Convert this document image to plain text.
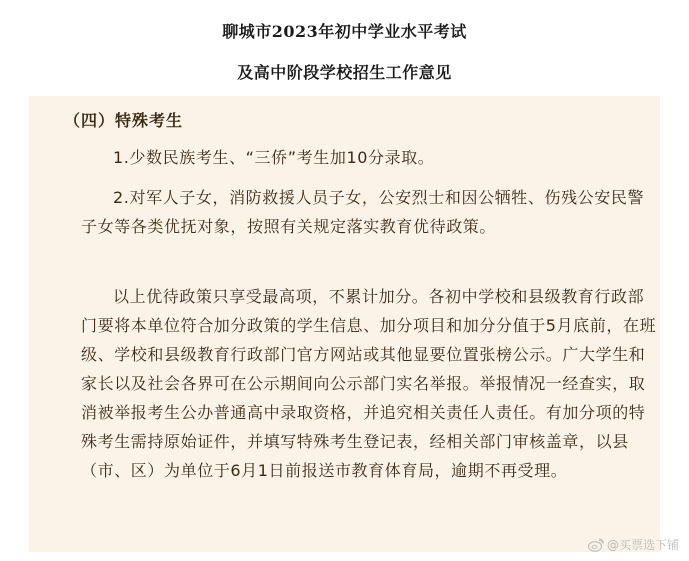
聊城市2023年初中学业水平考试
及高中阶段学校招生工作意见
（四）特殊考生

1.少数民族考生、“三侨”考生加10分录取。

2.对军人子女，消防救援人员子女，公安烈士和因公牺牲、伤残公安民警子女等各类优抚对象，按照有关规定落实教育优待政策。

以上优待政策只享受最高项，不累计加分。各初中学校和县级教育行政部门要将本单位符合加分政策的学生信息、加分项目和加分分值于5月底前，在班级、学校和县级教育行政部门官方网站或其他显要位置张榜公示。广大学生和家长以及社会各界可在公示期间向公示部门实名举报。举报情况一经查实，取消被举报考生公办普通高中录取资格，并追究相关责任人责任。有加分项的特殊考生需持原始证件，并填写特殊考生登记表，经相关部门审核盖章，以县（市、区）为单位于6月1日前报送市教育体育局，逾期不再受理。

@买票选下铺
